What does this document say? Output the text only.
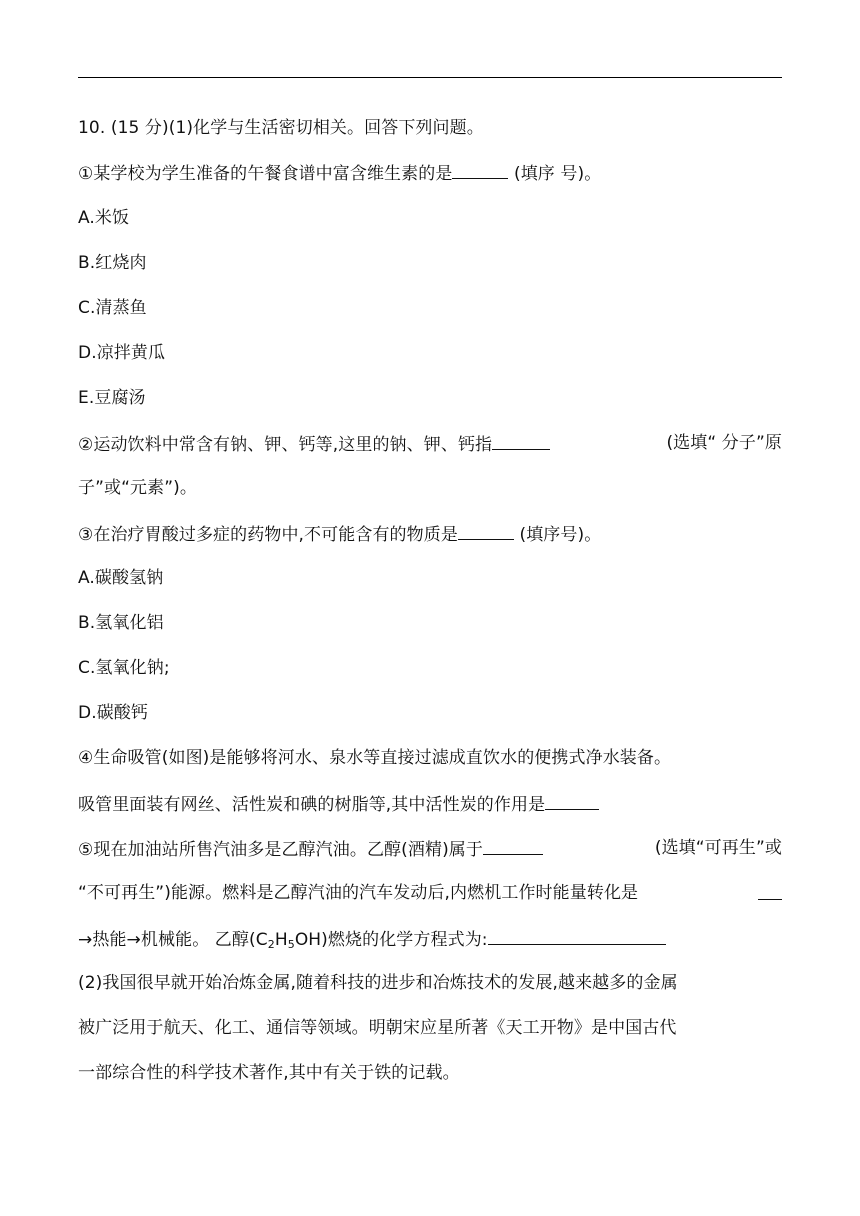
10. (15 分)(1)化学与生活密切相关。回答下列问题。
①某学校为学生准备的午餐食谱中富含维生素的是	(填序 号)。
A.米饭
B.红烧肉
C.清蒸鱼
D.凉拌黄瓜
E.豆腐汤
②运动饮料中常含有钠、钾、钙等,这里的钠、钾、钙指	(选填“ 分子”原
子”或“元素”)。
③在治疗胃酸过多症的药物中,不可能含有的物质是	(填序号)。
A.碳酸氢钠
B.氢氧化铝
C.氢氧化钠;
D.碳酸钙
④生命吸管(如图)是能够将河水、泉水等直接过滤成直饮水的便携式净水装备。
吸管里面装有网丝、活性炭和碘的树脂等,其中活性炭的作用是
⑤现在加油站所售汽油多是乙醇汽油。乙醇(酒精)属于	(选填“可再生”或
“不可再生”)能源。燃料是乙醇汽油的汽车发动后,内燃机工作时能量转化是
→热能→机械能。 乙醇$(C_2H_5OH)$燃烧的化学方程式为:
(2)我国很早就开始冶炼金属,随着科技的进步和冶炼技术的发展,越来越多的金属
被广泛用于航天、化工、通信等领域。明朝宋应星所著《天工开物》是中国古代
一部综合性的科学技术著作,其中有关于铁的记载。
